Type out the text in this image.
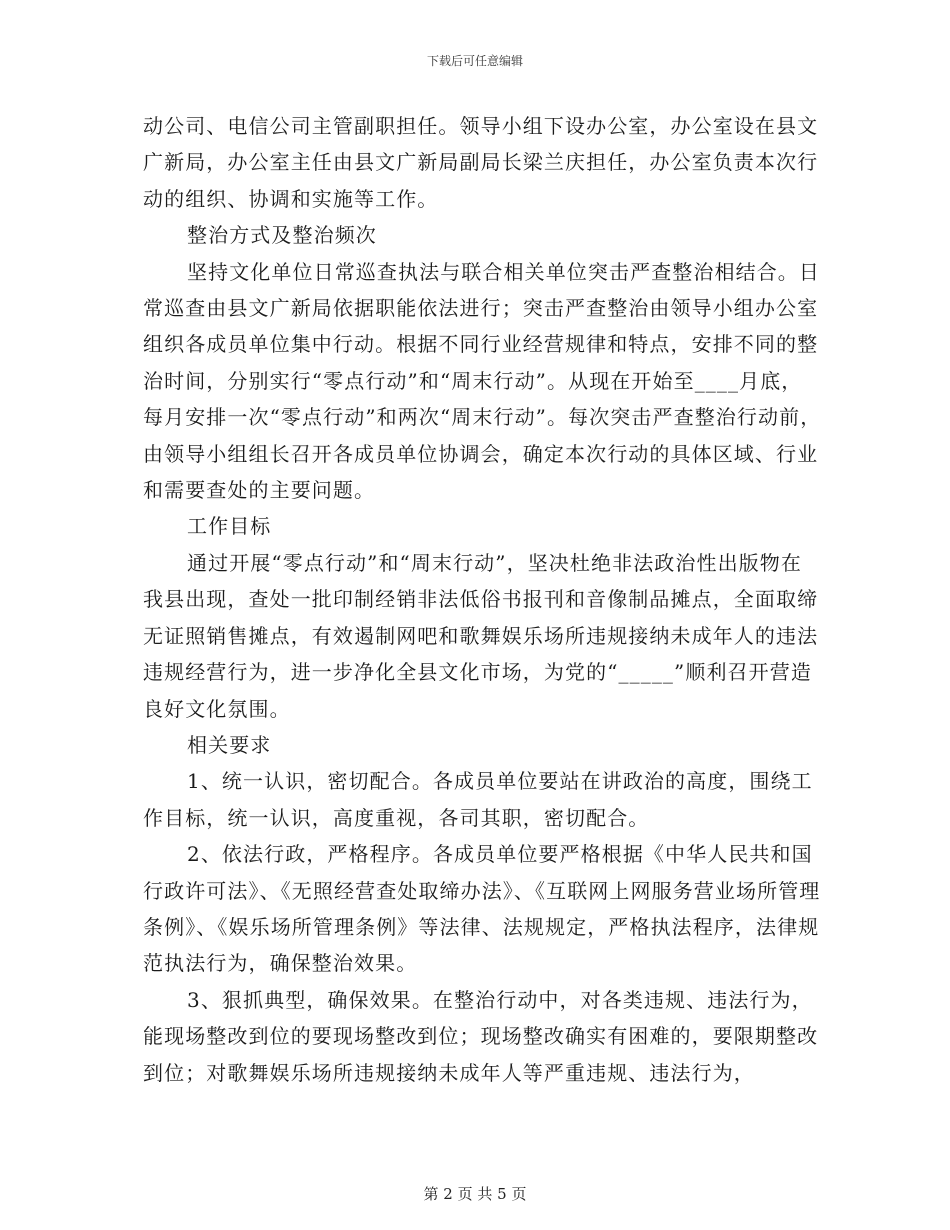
下载后可任意编辑

动公司、电信公司主管副职担任。领导小组下设办公室，办公室设在县文广新局，办公室主任由县文广新局副局长梁兰庆担任，办公室负责本次行动的组织、协调和实施等工作。

整治方式及整治频次

坚持文化单位日常巡查执法与联合相关单位突击严查整治相结合。日常巡查由县文广新局依据职能依法进行；突击严查整治由领导小组办公室组织各成员单位集中行动。根据不同行业经营规律和特点，安排不同的整治时间，分别实行“零点行动”和“周末行动”。从现在开始至____月底，每月安排一次“零点行动”和两次“周末行动”。每次突击严查整治行动前，由领导小组组长召开各成员单位协调会，确定本次行动的具体区域、行业和需要查处的主要问题。

工作目标

通过开展“零点行动”和“周末行动”，坚决杜绝非法政治性出版物在我县出现，查处一批印制经销非法低俗书报刊和音像制品摊点，全面取缔无证照销售摊点，有效遏制网吧和歌舞娱乐场所违规接纳未成年人的违法违规经营行为，进一步净化全县文化市场，为党的“_____”顺利召开营造良好文化氛围。

相关要求

1、统一认识，密切配合。各成员单位要站在讲政治的高度，围绕工作目标，统一认识，高度重视，各司其职，密切配合。

2、依法行政，严格程序。各成员单位要严格根据《中华人民共和国行政许可法》、《无照经营查处取缔办法》、《互联网上网服务营业场所管理条例》、《娱乐场所管理条例》等法律、法规规定，严格执法程序，法律规范执法行为，确保整治效果。

3、狠抓典型，确保效果。在整治行动中，对各类违规、违法行为，能现场整改到位的要现场整改到位；现场整改确实有困难的，要限期整改到位；对歌舞娱乐场所违规接纳未成年人等严重违规、违法行为，

第 2 页 共 5 页
